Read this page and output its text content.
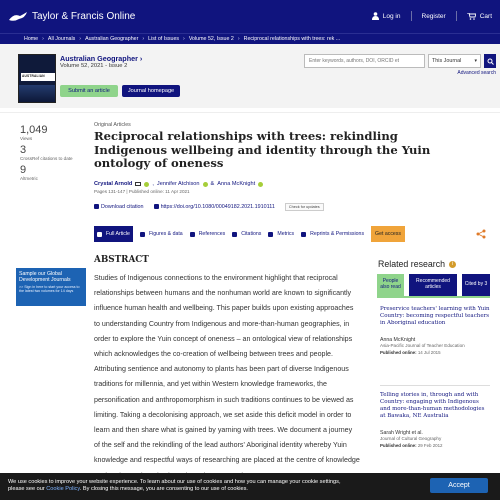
Taylor & Francis Online	Log in	Register	Cart
Home › All Journals › Australian Geographer › List of Issues › Volume 52, Issue 2 › Reciprocal relationships with trees: rek ...
AUSTRALIAN
Australian Geographer ›
Volume 52, 2021 - Issue 2
Submit an article	Journal homepage
Enter keywords, authors, DOI, ORCID et
This Journal	▾
Advanced search
1,049
Views
3
CrossRef citations to date
9
Altmetric
Original Articles
Reciprocal relationships with trees: rekindling Indigenous wellbeing and identity through the Yuin ontology of oneness
Crystal Arnold	, Jennifer Atchison & Anna McKnight
Pages 131-147 | Published online: 11 Apr 2021
Download citation	https://doi.org/10.1080/00049182.2021.1910111	Check for updates
Full Article	Figures & data	References	Citations	Metrics	Reprints & Permissions	Get access
Sample our Global Development Journals
>> Sign in here to start your access to the latest two volumes for 14 days
ABSTRACT
Studies of Indigenous connections to the environment highlight that reciprocal relationships between humans and the nonhuman world are known to significantly influence human health and wellbeing. This paper builds upon existing approaches to understanding Country from Indigenous and more-than-human geographies, in order to explore the Yuin concept of oneness – an ontological view of relationships which acknowledges the co-creation of wellbeing between trees and people. Attributing sentience and autonomy to plants has been part of diverse Indigenous traditions for millennia, and yet within Western knowledge frameworks, the personification and anthropomorphism in such traditions continues to be viewed as limiting. Taking a decolonising approach, we set aside this deficit model in order to learn and then share what is gained by yarning with trees. We document a journey of the self and the rekindling of the lead authors' Aboriginal identity whereby Yuin knowledge and respectful ways of researching are placed at the centre of knowledge
Related research	i
People also read
Recommended articles	Cited by 3
Preservice teachers' learning with Yuin Country: becoming respectful teachers in Aboriginal education
Anna McKnight
Asia-Pacific Journal of Teacher Education
Published online: 14 Jul 2015
Telling stories in, through and with Country: engaging with Indigenous and more-than-human methodologies at Bawaka, NE Australia
Sarah Wright et al.
Journal of Cultural Geography
Published online: 29 Feb 2012
We use cookies to improve your website experience. To learn about our use of cookies and how you can manage your cookie settings,
please see our Cookie Policy. By closing this message, you are consenting to our use of cookies.	Accept
